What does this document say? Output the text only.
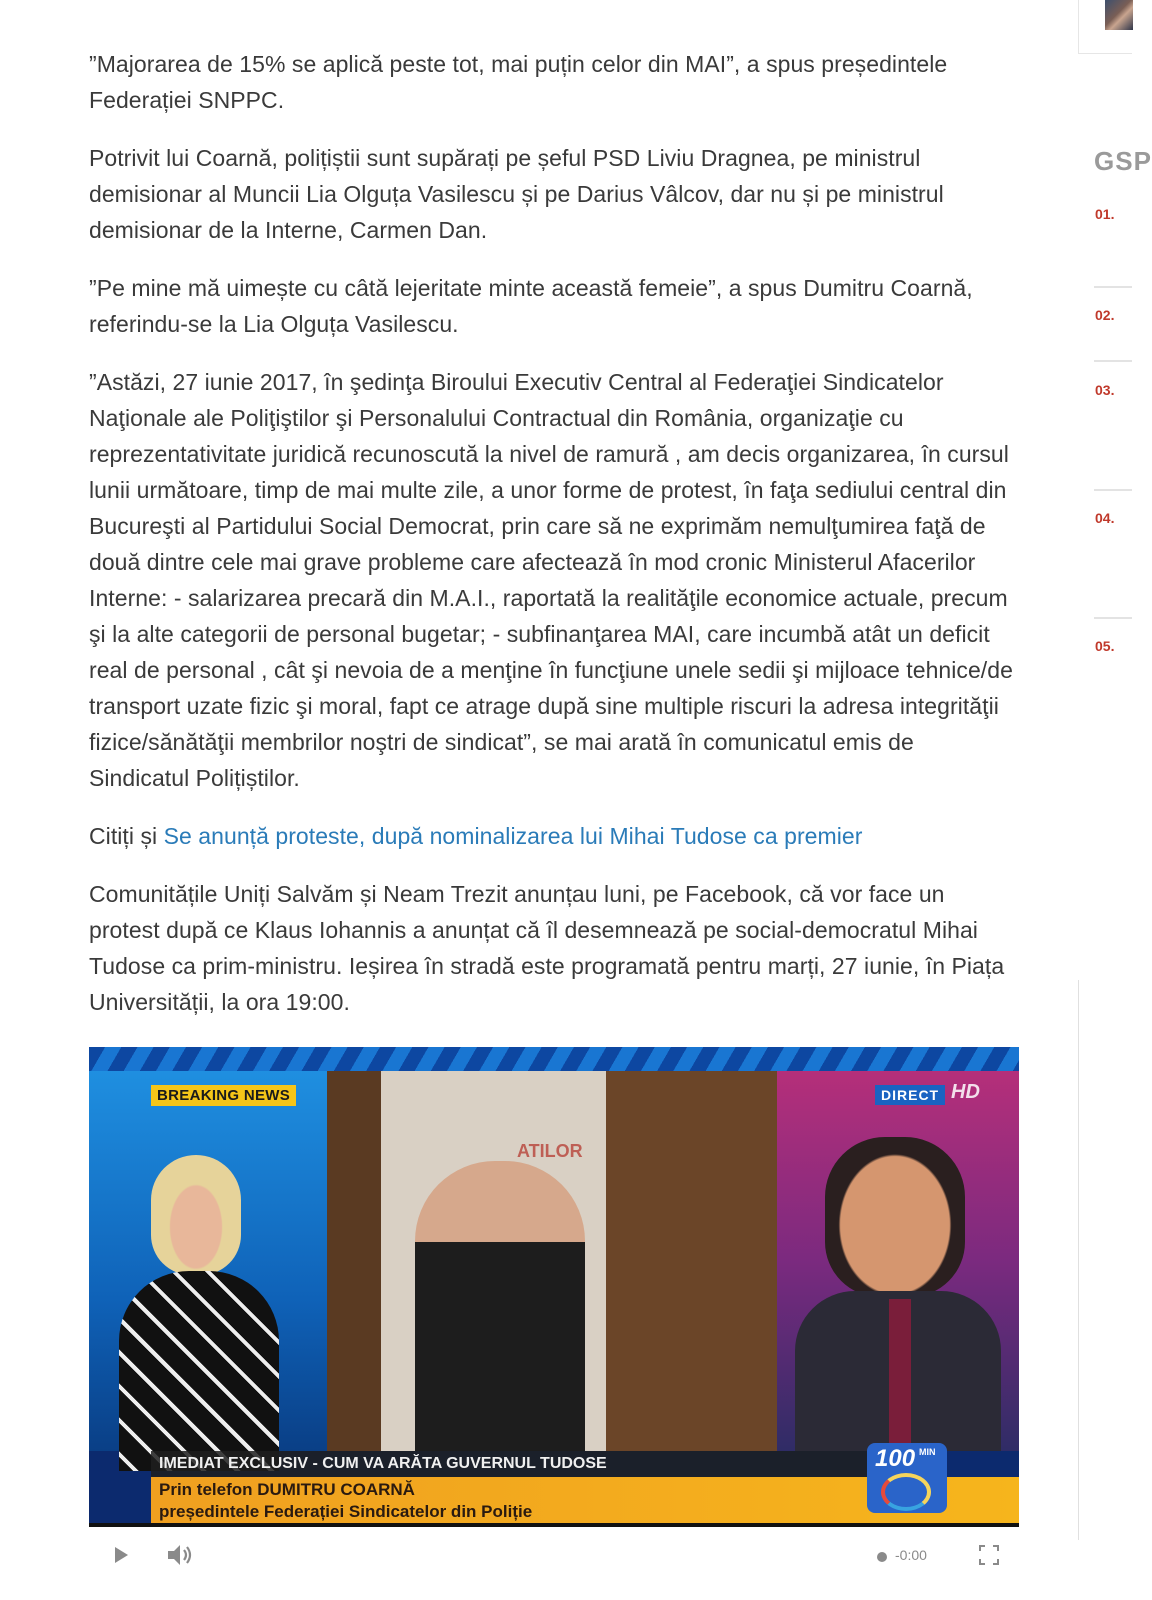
”Majorarea de 15% se aplică peste tot, mai puțin celor din MAI”, a spus președintele Federației SNPPC.

Potrivit lui Coarnă, polițiștii sunt supărați pe șeful PSD Liviu Dragnea, pe ministrul demisionar al Muncii Lia Olguța Vasilescu și pe Darius Vâlcov, dar nu și pe ministrul demisionar de la Interne, Carmen Dan.

”Pe mine mă uimește cu câtă lejeritate minte această femeie”, a spus Dumitru Coarnă, referindu-se la Lia Olguța Vasilescu.

”Astăzi, 27 iunie 2017, în şedinţa Biroului Executiv Central al Federaţiei Sindicatelor Naţionale ale Poliţiştilor şi Personalului Contractual din România, organizaţie cu reprezentativitate juridică recunoscută la nivel de ramură , am decis organizarea, în cursul lunii următoare, timp de mai multe zile, a unor forme de protest, în faţa sediului central din Bucureşti al Partidului Social Democrat, prin care să ne exprimăm nemulţumirea faţă de două dintre cele mai grave probleme care afectează în mod cronic Ministerul Afacerilor Interne: - salarizarea precară din M.A.I., raportată la realităţile economice actuale, precum şi la alte categorii de personal bugetar; - subfinanţarea MAI, care incumbă atât un deficit real de personal , cât şi nevoia de a menţine în funcţiune unele sedii şi mijloace tehnice/de transport uzate fizic şi moral, fapt ce atrage după sine multiple riscuri la adresa integrităţii fizice/sănătăţii membrilor noştri de sindicat”, se mai arată în comunicatul emis de Sindicatul Polițiștilor.

Citiți și Se anunță proteste, după nominalizarea lui Mihai Tudose ca premier

Comunitățile Uniți Salvăm și Neam Trezit anunțau luni, pe Facebook, că vor face un protest după ce Klaus Iohannis a anunțat că îl desemnează pe social-democratul Mihai Tudose ca prim-ministru. Ieșirea în stradă este programată pentru marți, 27 iunie, în Piața Universității, la ora 19:00.

GSP
01.
02.
03.
04.
05.
ATILOR
BREAKING NEWS	DIRECT HD
IMEDIAT EXCLUSIV - CUM VA ARĂTA GUVERNUL TUDOSE
Prin telefon DUMITRU COARNĂ
președintele Federației Sindicatelor din Poliție
100 MIN
-0:00
